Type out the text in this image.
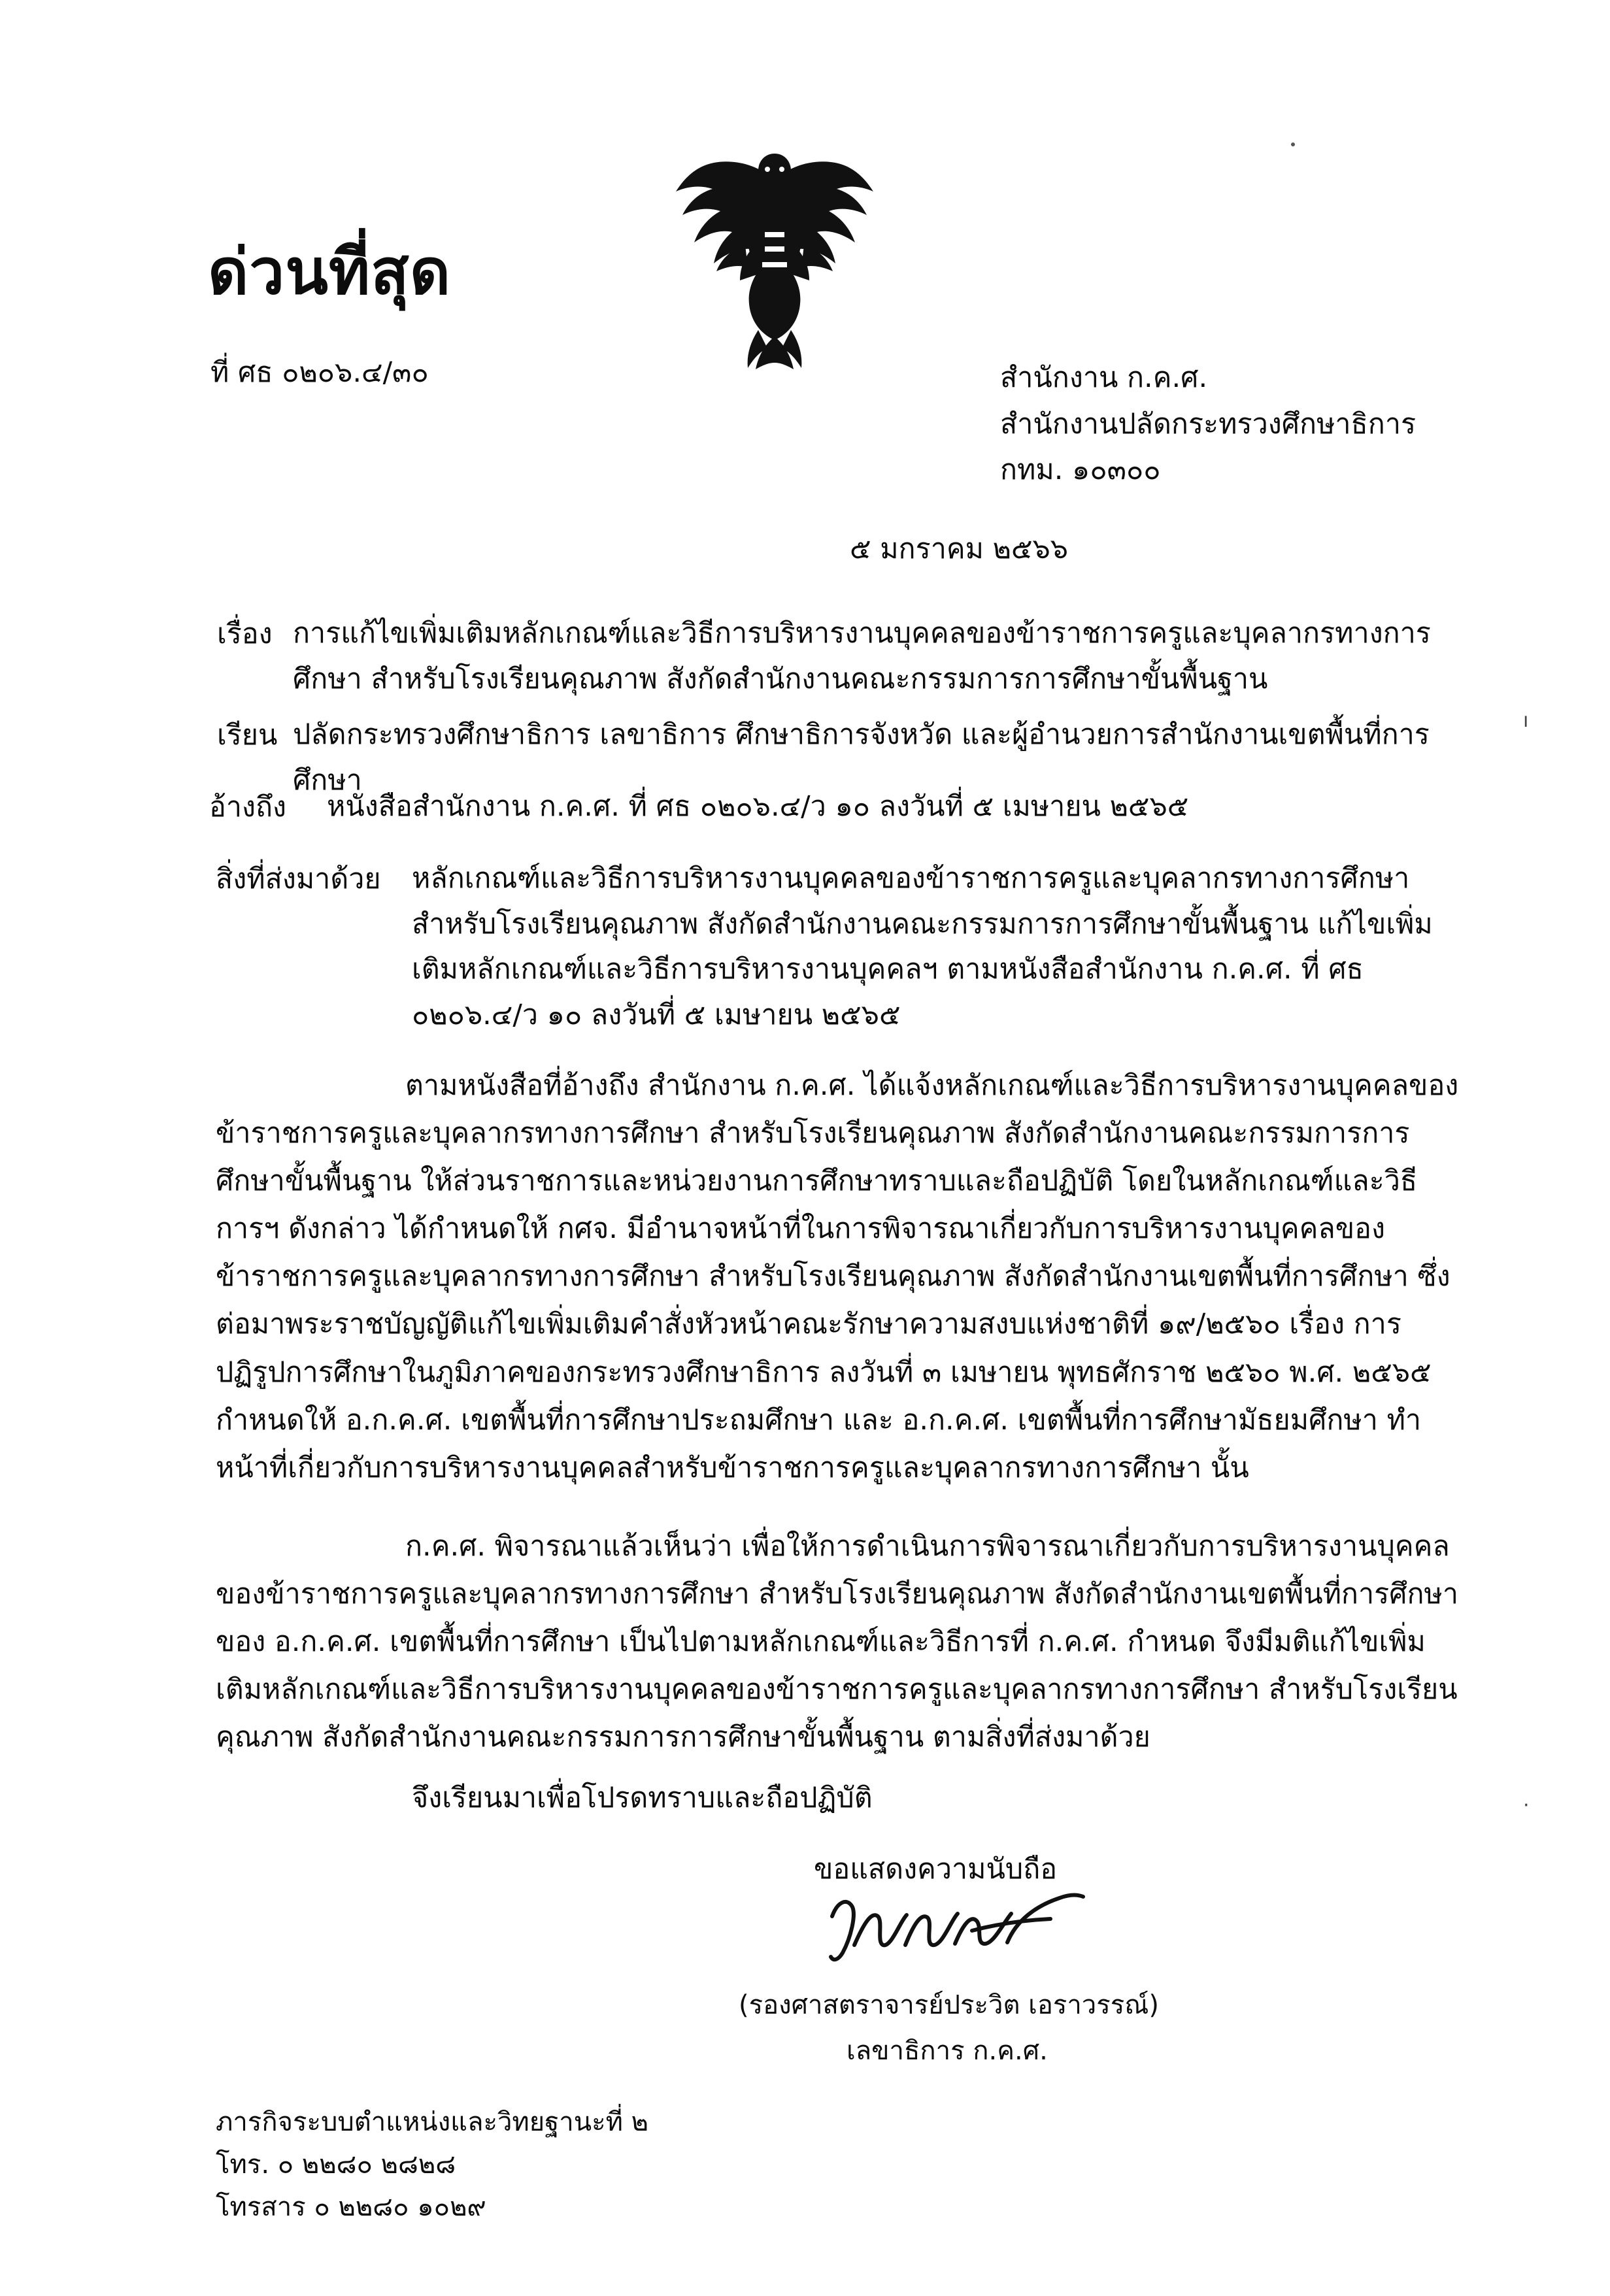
ด่วนที่สุด
ที่ ศธ ๐๒๐๖.๔/๓๐	สำนักงาน ก.ค.ศ.
สำนักงานปลัดกระทรวงศึกษาธิการ
กทม. ๑๐๓๐๐
๕ มกราคม ๒๕๖๖
เรื่อง การแก้ไขเพิ่มเติมหลักเกณฑ์และวิธีการบริหารงานบุคคลของข้าราชการครูและบุคลากรทางการศึกษา สำหรับโรงเรียนคุณภาพ สังกัดสำนักงานคณะกรรมการการศึกษาขั้นพื้นฐาน
เรียน ปลัดกระทรวงศึกษาธิการ เลขาธิการ ศึกษาธิการจังหวัด และผู้อำนวยการสำนักงานเขตพื้นที่การศึกษา
อ้างถึง หนังสือสำนักงาน ก.ค.ศ. ที่ ศธ ๐๒๐๖.๔/ว ๑๐ ลงวันที่ ๕ เมษายน ๒๕๖๕
สิ่งที่ส่งมาด้วย หลักเกณฑ์และวิธีการบริหารงานบุคคลของข้าราชการครูและบุคลากรทางการศึกษา สำหรับโรงเรียนคุณภาพ สังกัดสำนักงานคณะกรรมการการศึกษาขั้นพื้นฐาน แก้ไขเพิ่มเติมหลักเกณฑ์และวิธีการบริหารงานบุคคลฯ ตามหนังสือสำนักงาน ก.ค.ศ. ที่ ศธ ๐๒๐๖.๔/ว ๑๐ ลงวันที่ ๕ เมษายน ๒๕๖๕
ตามหนังสือที่อ้างถึง สำนักงาน ก.ค.ศ. ได้แจ้งหลักเกณฑ์และวิธีการบริหารงานบุคคลของข้าราชการครูและบุคลากรทางการศึกษา สำหรับโรงเรียนคุณภาพ สังกัดสำนักงานคณะกรรมการการศึกษาขั้นพื้นฐาน ให้ส่วนราชการและหน่วยงานการศึกษาทราบและถือปฏิบัติ โดยในหลักเกณฑ์และวิธีการฯ ดังกล่าว ได้กำหนดให้ กศจ. มีอำนาจหน้าที่ในการพิจารณาเกี่ยวกับการบริหารงานบุคคลของข้าราชการครูและบุคลากรทางการศึกษา สำหรับโรงเรียนคุณภาพ สังกัดสำนักงานเขตพื้นที่การศึกษา ซึ่งต่อมาพระราชบัญญัติแก้ไขเพิ่มเติมคำสั่งหัวหน้าคณะรักษาความสงบแห่งชาติที่ ๑๙/๒๕๖๐ เรื่อง การปฏิรูปการศึกษาในภูมิภาคของกระทรวงศึกษาธิการ ลงวันที่ ๓ เมษายน พุทธศักราช ๒๕๖๐ พ.ศ. ๒๕๖๕ กำหนดให้ อ.ก.ค.ศ. เขตพื้นที่การศึกษาประถมศึกษา และ อ.ก.ค.ศ. เขตพื้นที่การศึกษามัธยมศึกษา ทำหน้าที่เกี่ยวกับการบริหารงานบุคคลสำหรับข้าราชการครูและบุคลากรทางการศึกษา นั้น
ก.ค.ศ. พิจารณาแล้วเห็นว่า เพื่อให้การดำเนินการพิจารณาเกี่ยวกับการบริหารงานบุคคลของข้าราชการครูและบุคลากรทางการศึกษา สำหรับโรงเรียนคุณภาพ สังกัดสำนักงานเขตพื้นที่การศึกษา ของ อ.ก.ค.ศ. เขตพื้นที่การศึกษา เป็นไปตามหลักเกณฑ์และวิธีการที่ ก.ค.ศ. กำหนด จึงมีมติแก้ไขเพิ่มเติมหลักเกณฑ์และวิธีการบริหารงานบุคคลของข้าราชการครูและบุคลากรทางการศึกษา สำหรับโรงเรียนคุณภาพ สังกัดสำนักงานคณะกรรมการการศึกษาขั้นพื้นฐาน ตามสิ่งที่ส่งมาด้วย
จึงเรียนมาเพื่อโปรดทราบและถือปฏิบัติ
ı
·
ขอแสดงความนับถือ
(รองศาสตราจารย์ประวิต เอราวรรณ์)
เลขาธิการ ก.ค.ศ.
ภารกิจระบบตำแหน่งและวิทยฐานะที่ ๒
โทร. ๐ ๒๒๘๐ ๒๘๒๘
โทรสาร ๐ ๒๒๘๐ ๑๐๒๙
